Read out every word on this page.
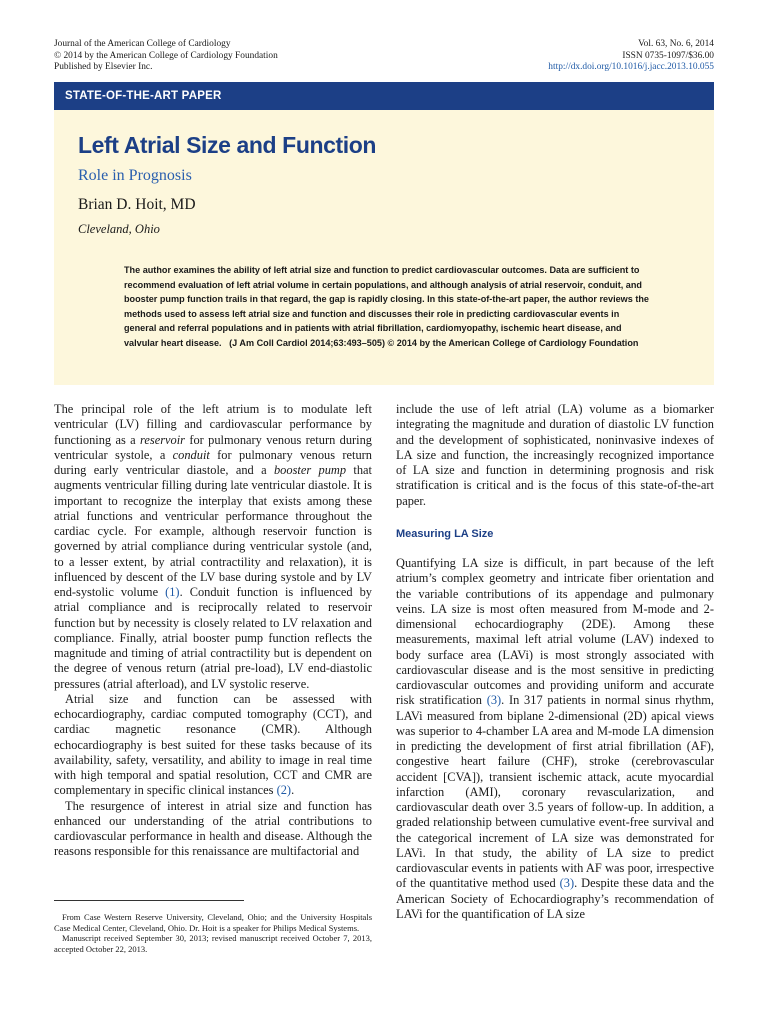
Journal of the American College of Cardiology
© 2014 by the American College of Cardiology Foundation
Published by Elsevier Inc.
Vol. 63, No. 6, 2014
ISSN 0735-1097/$36.00
http://dx.doi.org/10.1016/j.jacc.2013.10.055
STATE-OF-THE-ART PAPER
Left Atrial Size and Function
Role in Prognosis
Brian D. Hoit, MD
Cleveland, Ohio
The author examines the ability of left atrial size and function to predict cardiovascular outcomes. Data are sufficient to recommend evaluation of left atrial volume in certain populations, and although analysis of atrial reservoir, conduit, and booster pump function trails in that regard, the gap is rapidly closing. In this state-of-the-art paper, the author reviews the methods used to assess left atrial size and function and discusses their role in predicting cardiovascular events in general and referral populations and in patients with atrial fibrillation, cardiomyopathy, ischemic heart disease, and valvular heart disease. (J Am Coll Cardiol 2014;63:493–505) © 2014 by the American College of Cardiology Foundation

The principal role of the left atrium is to modulate left ventricular (LV) filling and cardiovascular performance by functioning as a reservoir for pulmonary venous return during ventricular systole, a conduit for pulmonary venous return during early ventricular diastole, and a booster pump that augments ventricular filling during late ventricular diastole. It is important to recognize the interplay that exists among these atrial functions and ventricular performance throughout the cardiac cycle. For example, although reservoir function is governed by atrial compliance during ventricular systole (and, to a lesser extent, by atrial contractility and relaxation), it is influenced by descent of the LV base during systole and by LV end-systolic volume (1). Conduit function is influenced by atrial compliance and is reciprocally related to reservoir function but by necessity is closely related to LV relaxation and compliance. Finally, atrial booster pump function reflects the magnitude and timing of atrial contractility but is dependent on the degree of venous return (atrial pre-load), LV end-diastolic pressures (atrial afterload), and LV systolic reserve.

Atrial size and function can be assessed with echocardiography, cardiac computed tomography (CCT), and cardiac magnetic resonance (CMR). Although echocardiography is best suited for these tasks because of its availability, safety, versatility, and ability to image in real time with high temporal and spatial resolution, CCT and CMR are complementary in specific clinical instances (2).

The resurgence of interest in atrial size and function has enhanced our understanding of the atrial contributions to cardiovascular performance in health and disease. Although the reasons responsible for this renaissance are multifactorial and

From Case Western Reserve University, Cleveland, Ohio; and the University Hospitals Case Medical Center, Cleveland, Ohio. Dr. Hoit is a speaker for Philips Medical Systems.

Manuscript received September 30, 2013; revised manuscript received October 7, 2013, accepted October 22, 2013.

include the use of left atrial (LA) volume as a biomarker integrating the magnitude and duration of diastolic LV function and the development of sophisticated, noninvasive indexes of LA size and function, the increasingly recognized importance of LA size and function in determining prognosis and risk stratification is critical and is the focus of this state-of-the-art paper.

Measuring LA Size

Quantifying LA size is difficult, in part because of the left atrium’s complex geometry and intricate fiber orientation and the variable contributions of its appendage and pulmonary veins. LA size is most often measured from M-mode and 2-dimensional echocardiography (2DE). Among these measurements, maximal left atrial volume (LAV) indexed to body surface area (LAVi) is most strongly associated with cardiovascular disease and is the most sensitive in predicting cardiovascular outcomes and providing uniform and accurate risk stratification (3). In 317 patients in normal sinus rhythm, LAVi measured from biplane 2-dimensional (2D) apical views was superior to 4-chamber LA area and M-mode LA dimension in predicting the development of first atrial fibrillation (AF), congestive heart failure (CHF), stroke (cerebrovascular accident [CVA]), transient ischemic attack, acute myocardial infarction (AMI), coronary revascularization, and cardiovascular death over 3.5 years of follow-up. In addition, a graded relationship between cumulative event-free survival and the categorical increment of LA size was demonstrated for LAVi. In that study, the ability of LA size to predict cardiovascular events in patients with AF was poor, irrespective of the quantitative method used (3). Despite these data and the American Society of Echocardiography’s recommendation of LAVi for the quantification of LA size
